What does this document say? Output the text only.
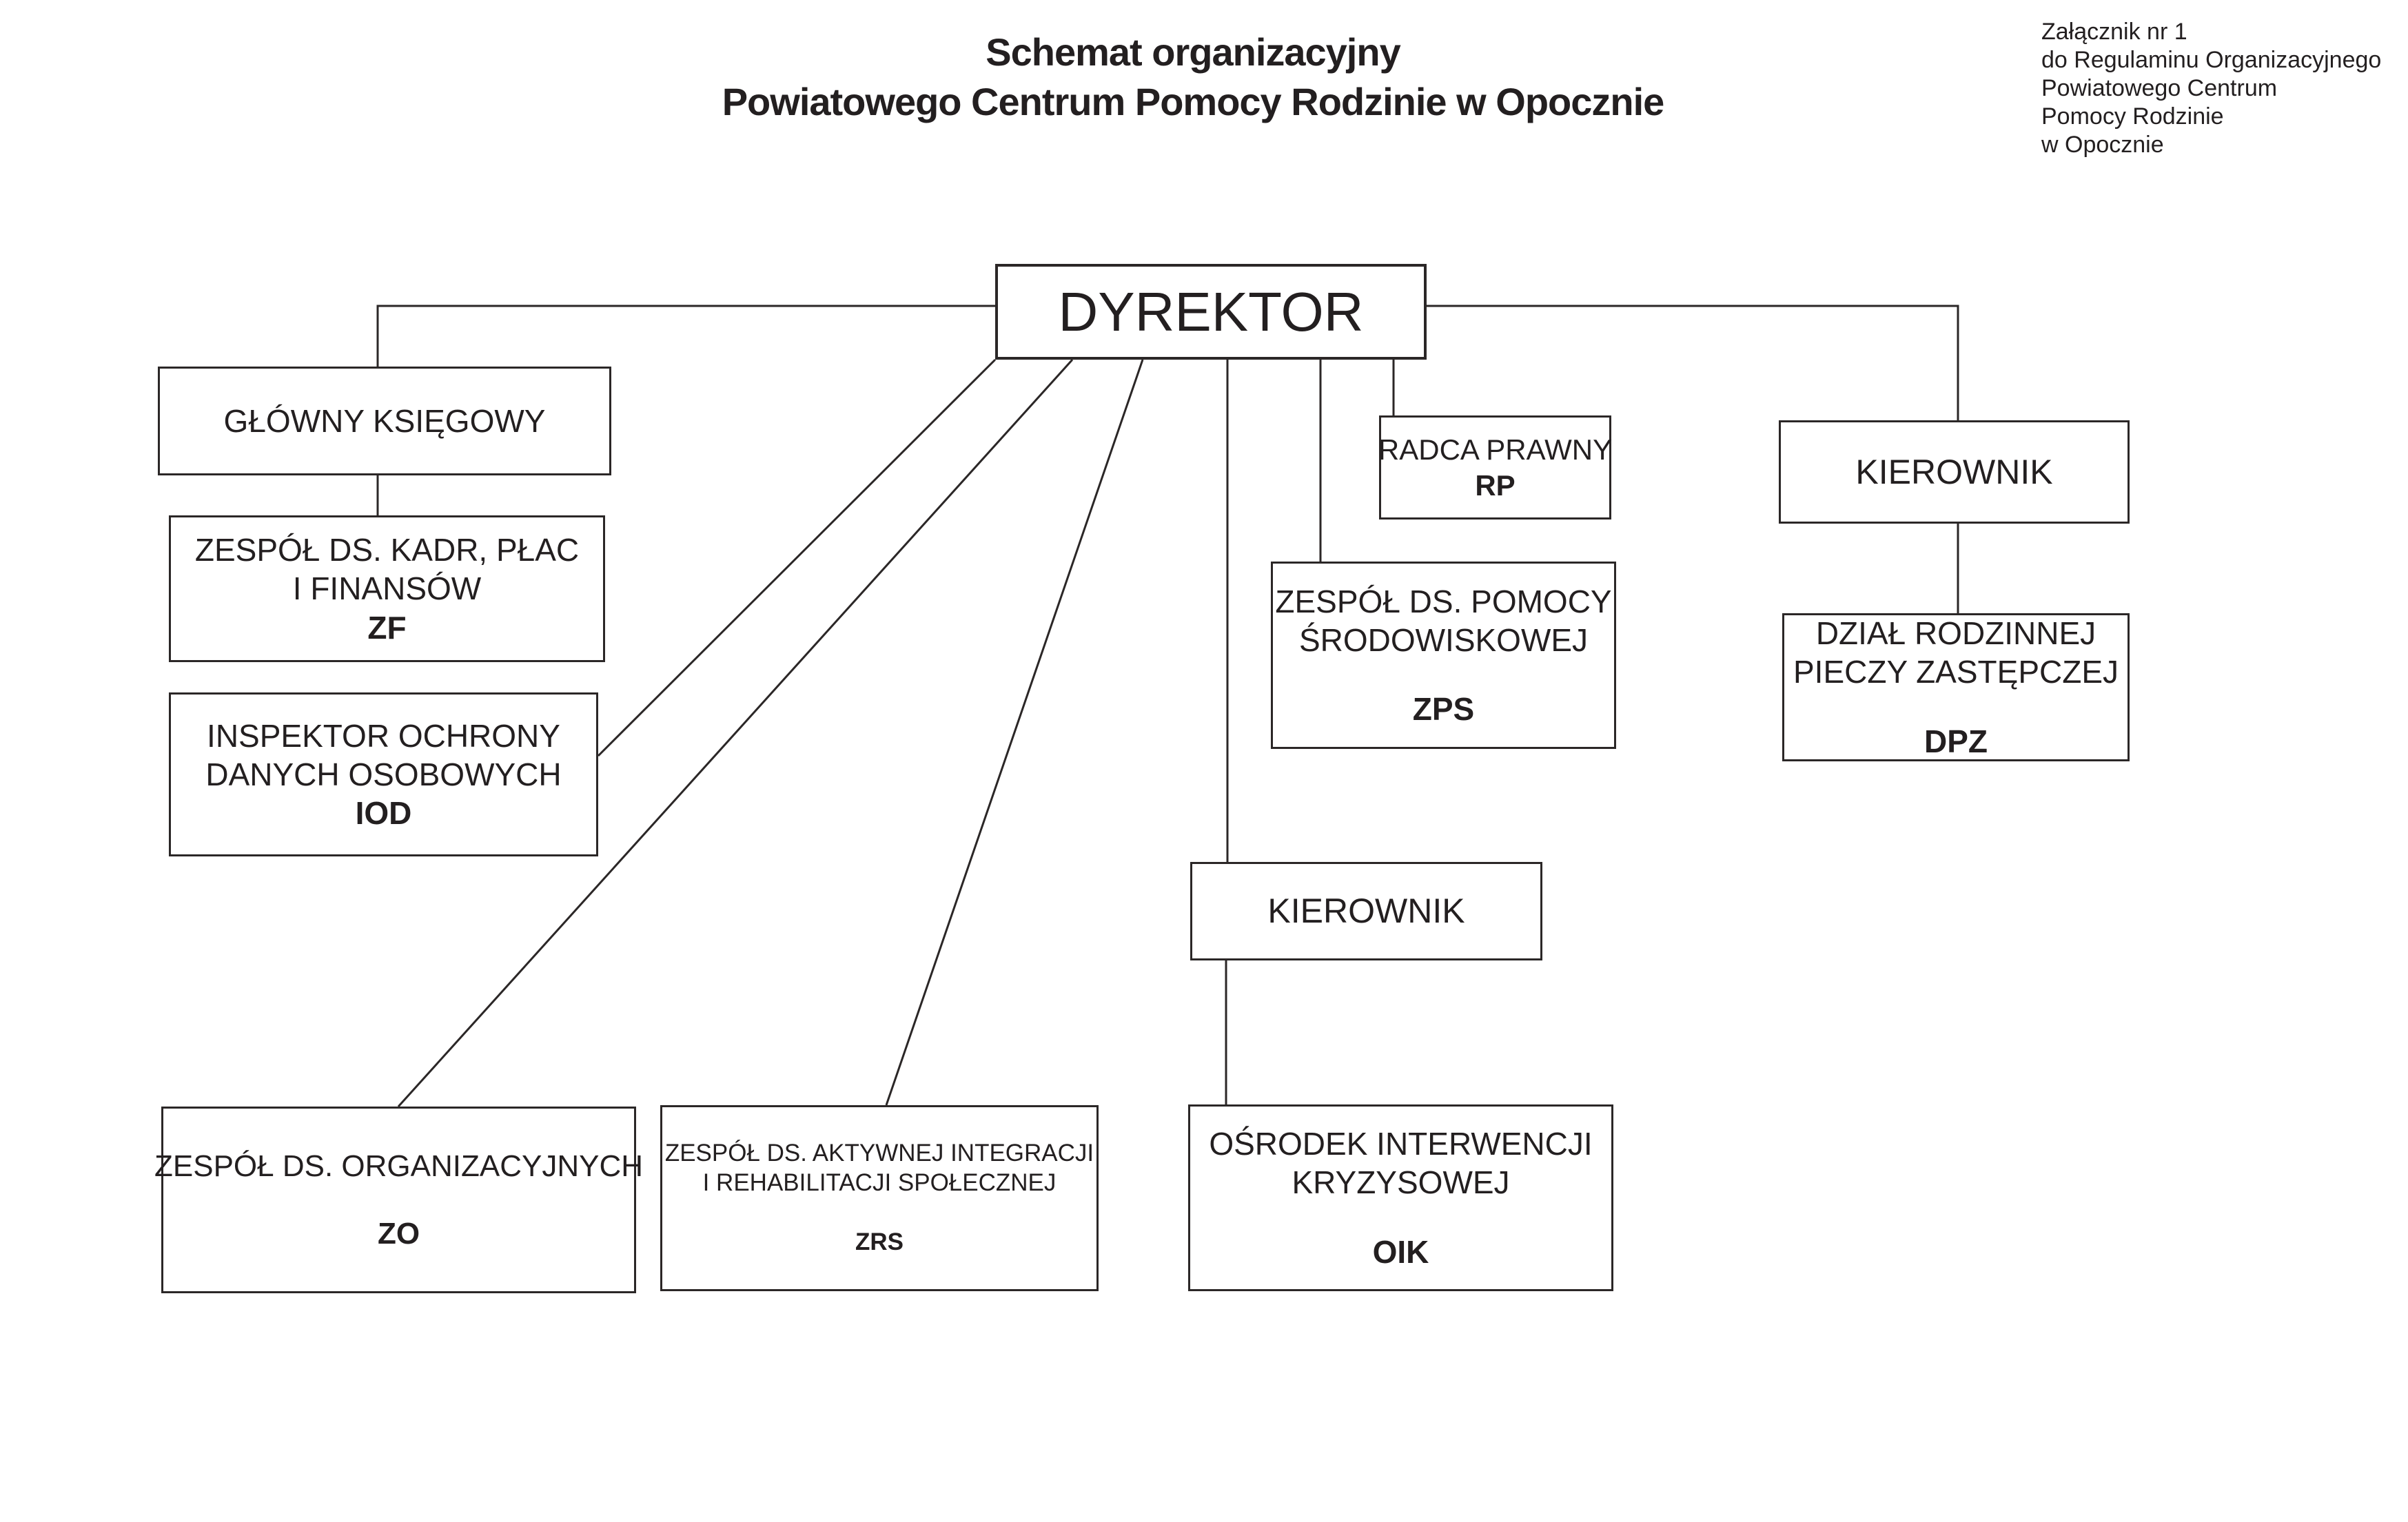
Schemat organizacyjny
Powiatowego Centrum Pomocy Rodzinie w Opocznie
Załącznik nr 1
do Regulaminu Organizacyjnego
Powiatowego Centrum
Pomocy Rodzinie
w Opocznie
DYREKTOR
GŁÓWNY KSIĘGOWY
ZESPÓŁ DS. KADR, PŁAC
I FINANSÓW
ZF
INSPEKTOR OCHRONY
DANYCH OSOBOWYCH
IOD
RADCA PRAWNY
RP
ZESPÓŁ DS. POMOCY
ŚRODOWISKOWEJ
ZPS
KIEROWNIK
DZIAŁ RODZINNEJ
PIECZY ZASTĘPCZEJ
DPZ
KIEROWNIK
OŚRODEK INTERWENCJI
KRYZYSOWEJ
OIK
ZESPÓŁ DS. ORGANIZACYJNYCH
ZO
ZESPÓŁ DS. AKTYWNEJ INTEGRACJI
I REHABILITACJI SPOŁECZNEJ
ZRS
